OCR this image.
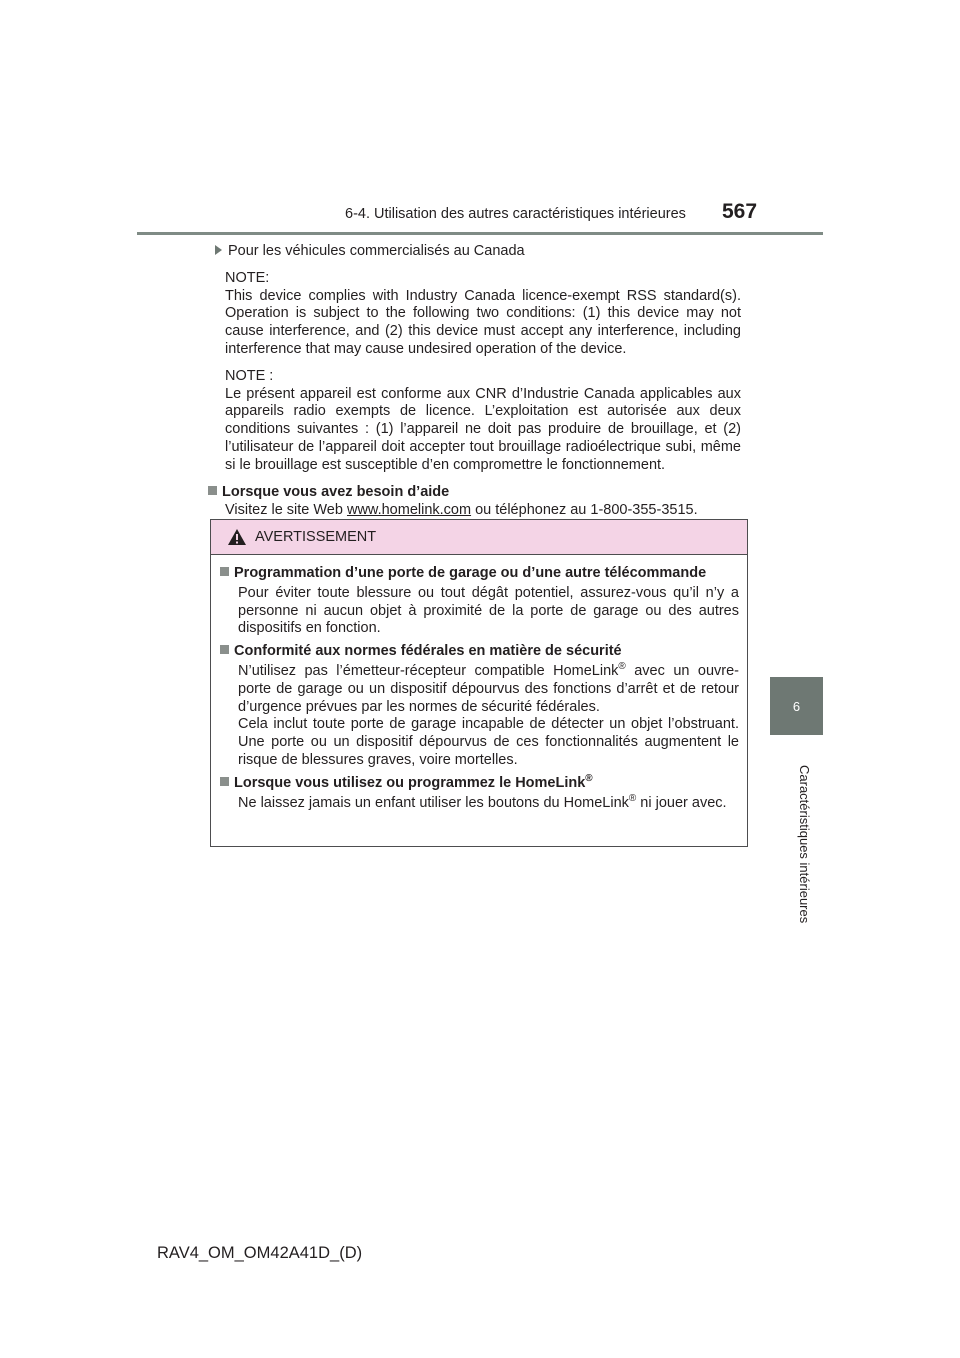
6-4. Utilisation des autres caractéristiques intérieures 567
6
Caractéristiques intérieures
Pour les véhicules commercialisés au Canada
NOTE:
This device complies with Industry Canada licence-exempt RSS standard(s). Operation is subject to the following two conditions: (1) this device may not cause interference, and (2) this device must accept any interference, including interference that may cause undesired operation of the device.
NOTE :
Le présent appareil est conforme aux CNR d’Industrie Canada applicables aux appareils radio exempts de licence. L’exploitation est autorisée aux deux conditions suivantes : (1) l’appareil ne doit pas produire de brouillage, et (2) l’utilisateur de l’appareil doit accepter tout brouillage radioélectrique subi, même si le brouillage est susceptible d’en compromettre le fonctionnement.
Lorsque vous avez besoin d’aide
Visitez le site Web www.homelink.com ou téléphonez au 1-800-355-3515.
AVERTISSEMENT
Programmation d’une porte de garage ou d’une autre télécommande
Pour éviter toute blessure ou tout dégât potentiel, assurez-vous qu’il n’y a personne ni aucun objet à proximité de la porte de garage ou des autres dispositifs en fonction.
Conformité aux normes fédérales en matière de sécurité
N’utilisez pas l’émetteur-récepteur compatible HomeLink® avec un ouvre-porte de garage ou un dispositif dépourvus des fonctions d’arrêt et de retour d’urgence prévues par les normes de sécurité fédérales.
Cela inclut toute porte de garage incapable de détecter un objet l’obstruant. Une porte ou un dispositif dépourvus de ces fonctionnalités augmentent le risque de blessures graves, voire mortelles.
Lorsque vous utilisez ou programmez le HomeLink®
Ne laissez jamais un enfant utiliser les boutons du HomeLink® ni jouer avec.
RAV4_OM_OM42A41D_(D)
